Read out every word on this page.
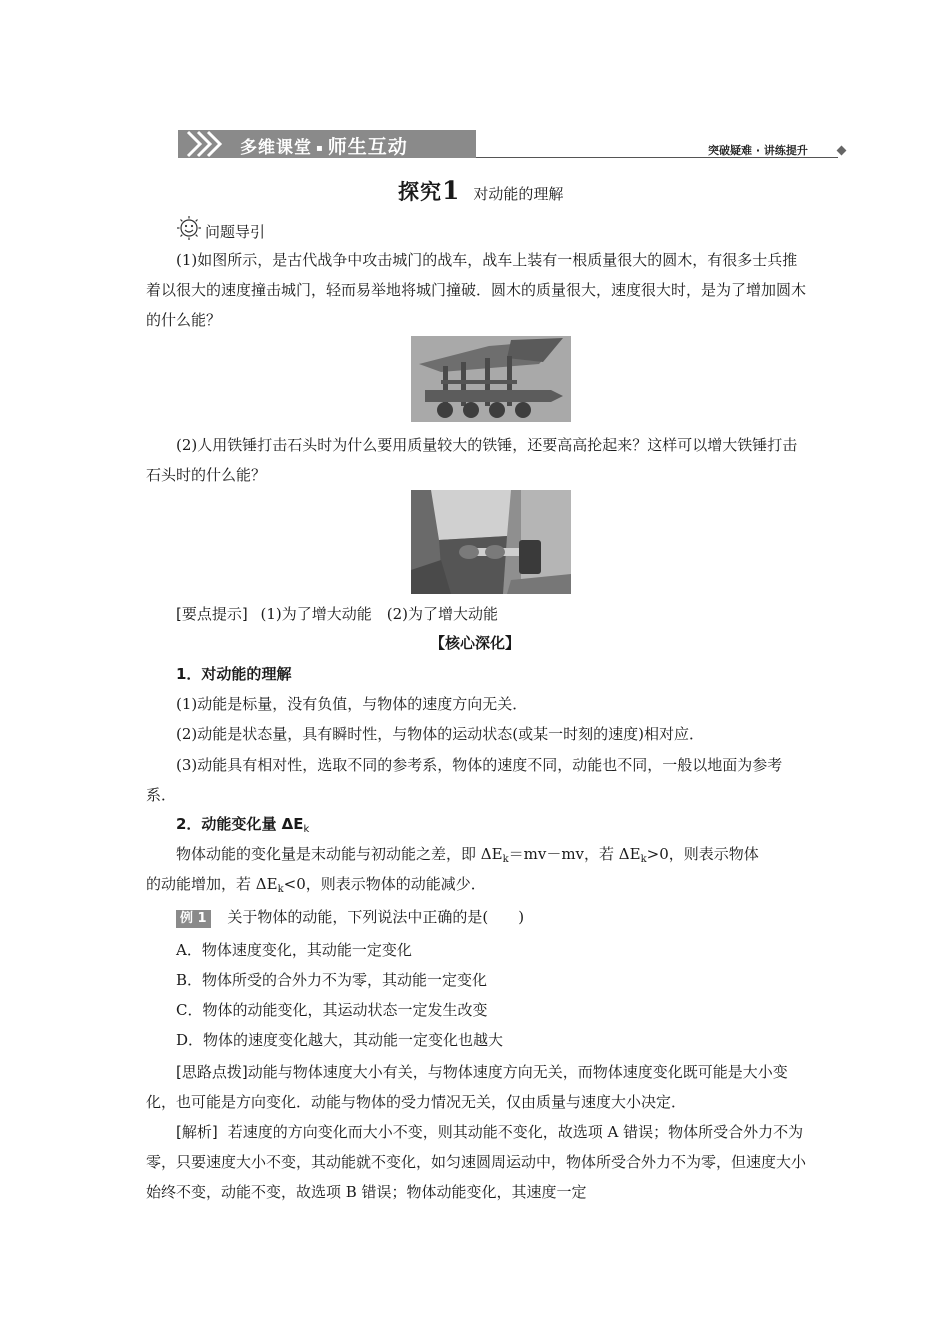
多维课堂 ▪ 师生互动	突破疑难 · 讲练提升
探究1 对动能的理解
问题导引
(1)如图所示，是古代战争中攻击城门的战车，战车上装有一根质量很大的圆木，有很多士兵推着以很大的速度撞击城门，轻而易举地将城门撞破．圆木的质量很大，速度很大时，是为了增加圆木的什么能？
(2)人用铁锤打击石头时为什么要用质量较大的铁锤，还要高高抡起来？这样可以增大铁锤打击石头时的什么能？
[要点提示] (1)为了增大动能　(2)为了增大动能
【核心深化】
1．对动能的理解
(1)动能是标量，没有负值，与物体的速度方向无关．
(2)动能是状态量，具有瞬时性，与物体的运动状态(或某一时刻的速度)相对应．
(3)动能具有相对性，选取不同的参考系，物体的速度不同，动能也不同，一般以地面为参考系．
2．动能变化量 $\Delta E_k$
物体动能的变化量是末动能与初动能之差，即 $\Delta E_k=mv-mv$，若 $\Delta E_k>0$，则表示物体
的动能增加，若 $\Delta E_k<0$，则表示物体的动能减少．
例 1 关于物体的动能，下列说法中正确的是(　　)
A．物体速度变化，其动能一定变化
B．物体所受的合外力不为零，其动能一定变化
C．物体的动能变化，其运动状态一定发生改变
D．物体的速度变化越大，其动能一定变化也越大
[思路点拨]动能与物体速度大小有关，与物体速度方向无关，而物体速度变化既可能是大小变化，也可能是方向变化．动能与物体的受力情况无关，仅由质量与速度大小决定．
[解析] 若速度的方向变化而大小不变，则其动能不变化，故选项 A 错误；物体所受合外力不为零，只要速度大小不变，其动能就不变化，如匀速圆周运动中，物体所受合外力不为零，但速度大小始终不变，动能不变，故选项 B 错误；物体动能变化，其速度一定
